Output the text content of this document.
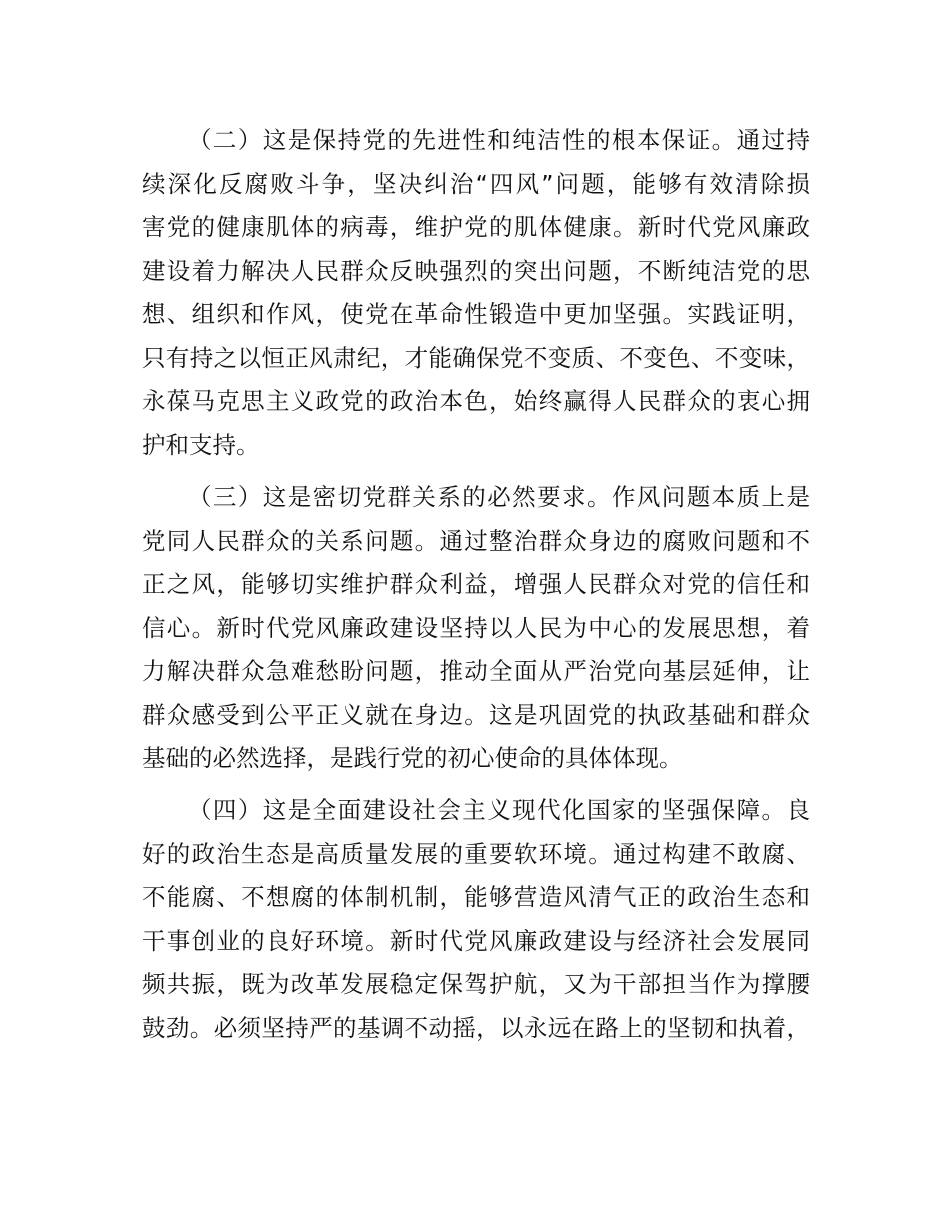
（二）这是保持党的先进性和纯洁性的根本保证。通过持
续深化反腐败斗争，坚决纠治“四风”问题，能够有效清除损
害党的健康肌体的病毒，维护党的肌体健康。新时代党风廉政
建设着力解决人民群众反映强烈的突出问题，不断纯洁党的思
想、组织和作风，使党在革命性锻造中更加坚强。实践证明，
只有持之以恒正风肃纪，才能确保党不变质、不变色、不变味，
永葆马克思主义政党的政治本色，始终赢得人民群众的衷心拥
护和支持。
（三）这是密切党群关系的必然要求。作风问题本质上是
党同人民群众的关系问题。通过整治群众身边的腐败问题和不
正之风，能够切实维护群众利益，增强人民群众对党的信任和
信心。新时代党风廉政建设坚持以人民为中心的发展思想，着
力解决群众急难愁盼问题，推动全面从严治党向基层延伸，让
群众感受到公平正义就在身边。这是巩固党的执政基础和群众
基础的必然选择，是践行党的初心使命的具体体现。
（四）这是全面建设社会主义现代化国家的坚强保障。良
好的政治生态是高质量发展的重要软环境。通过构建不敢腐、
不能腐、不想腐的体制机制，能够营造风清气正的政治生态和
干事创业的良好环境。新时代党风廉政建设与经济社会发展同
频共振，既为改革发展稳定保驾护航，又为干部担当作为撑腰
鼓劲。必须坚持严的基调不动摇，以永远在路上的坚韧和执着，
